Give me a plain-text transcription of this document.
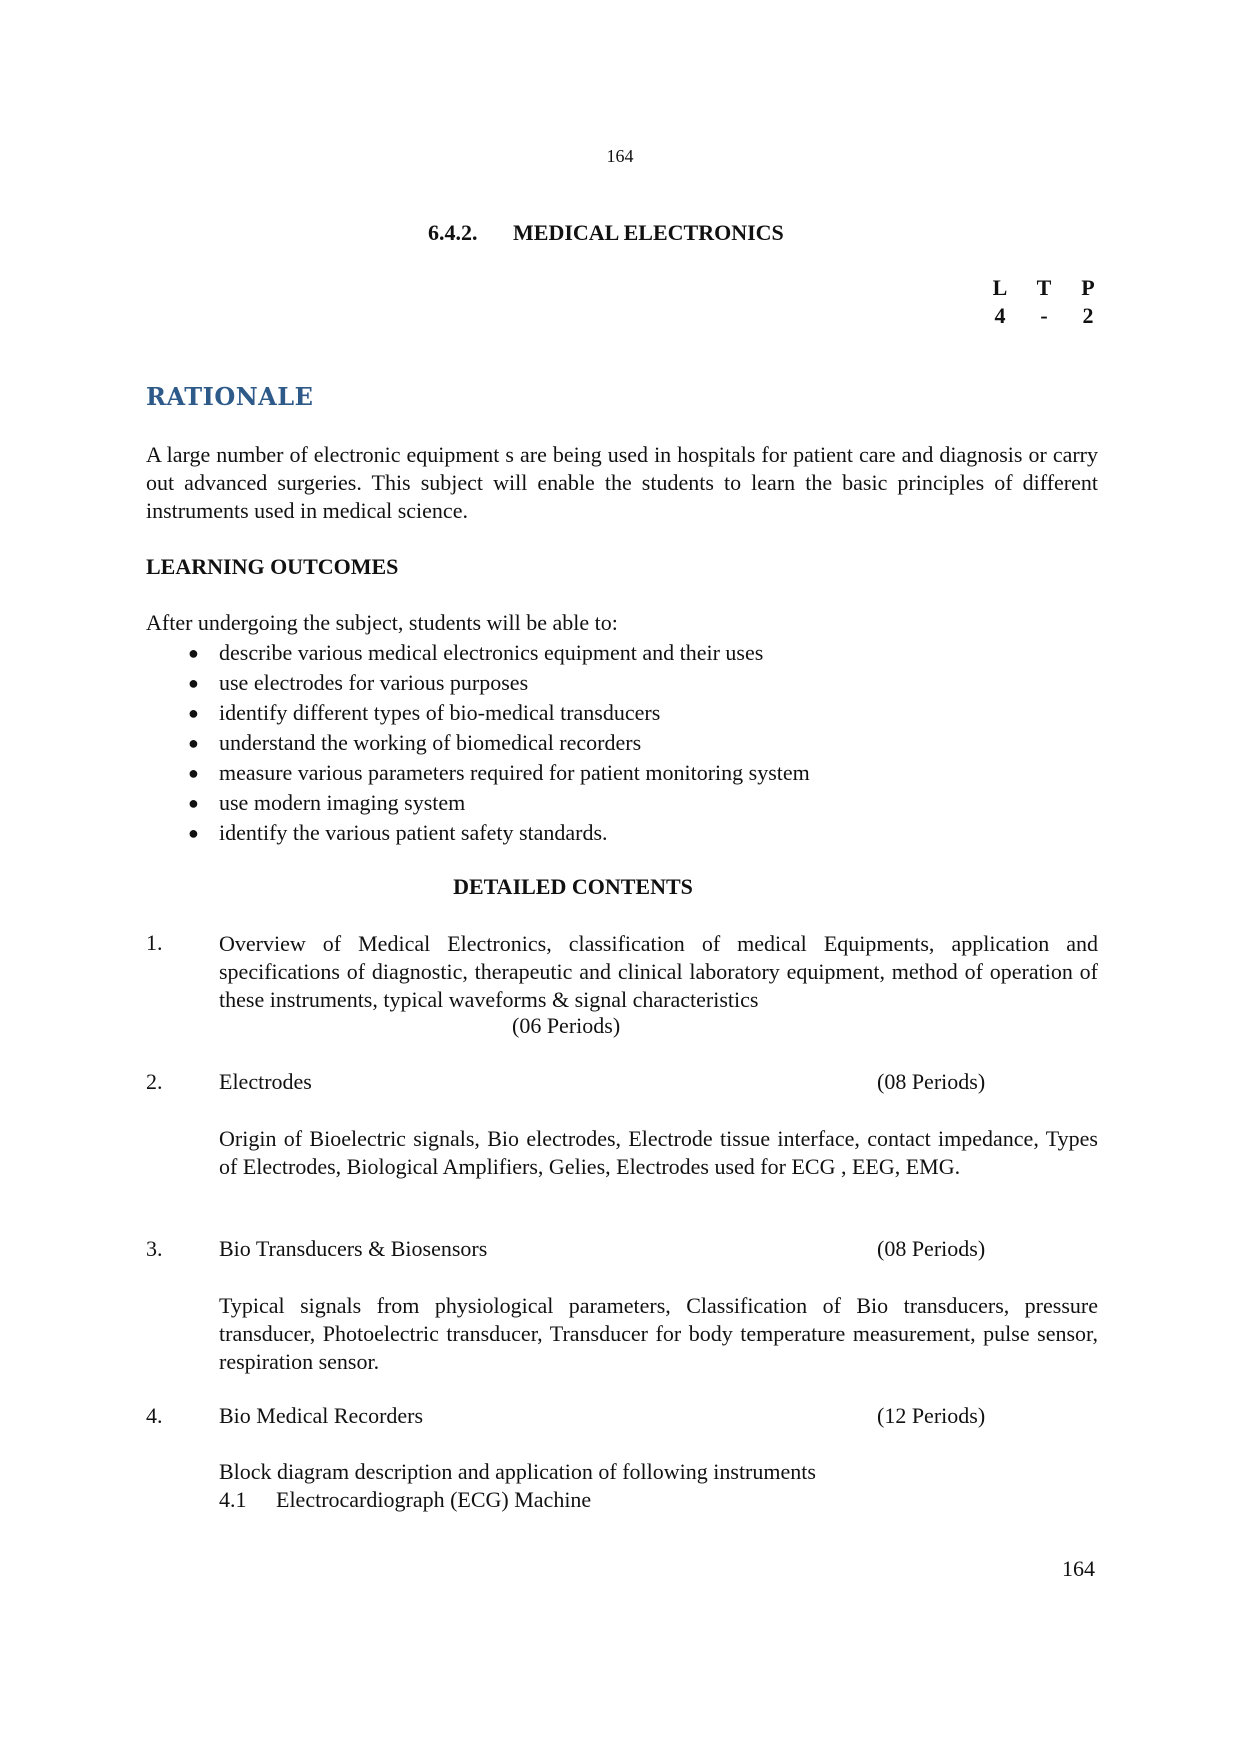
164
6.4.2. MEDICAL ELECTRONICS
L T P
4 - 2
RATIONALE
A large number of electronic equipment s are being used in hospitals for patient care and diagnosis or carry out advanced surgeries. This subject will enable the students to learn the basic principles of different instruments used in medical science.
LEARNING OUTCOMES
After undergoing the subject, students will be able to:
● describe various medical electronics equipment and their uses
● use electrodes for various purposes
● identify different types of bio-medical transducers
● understand the working of biomedical recorders
● measure various parameters required for patient monitoring system
● use modern imaging system
● identify the various patient safety standards.
DETAILED CONTENTS
1.	Overview of Medical Electronics, classification of medical Equipments, application and specifications of diagnostic, therapeutic and clinical laboratory equipment, method of operation of these instruments, typical waveforms & signal characteristics
(06 Periods)
2.	Electrodes	(08 Periods)
Origin of Bioelectric signals, Bio electrodes, Electrode tissue interface, contact impedance, Types of Electrodes, Biological Amplifiers, Gelies, Electrodes used for ECG , EEG, EMG.
3.	Bio Transducers & Biosensors	(08 Periods)
Typical signals from physiological parameters, Classification of Bio transducers, pressure transducer, Photoelectric transducer, Transducer for body temperature measurement, pulse sensor, respiration sensor.
4.	Bio Medical Recorders	(12 Periods)
Block diagram description and application of following instruments
4.1 Electrocardiograph (ECG) Machine
164
